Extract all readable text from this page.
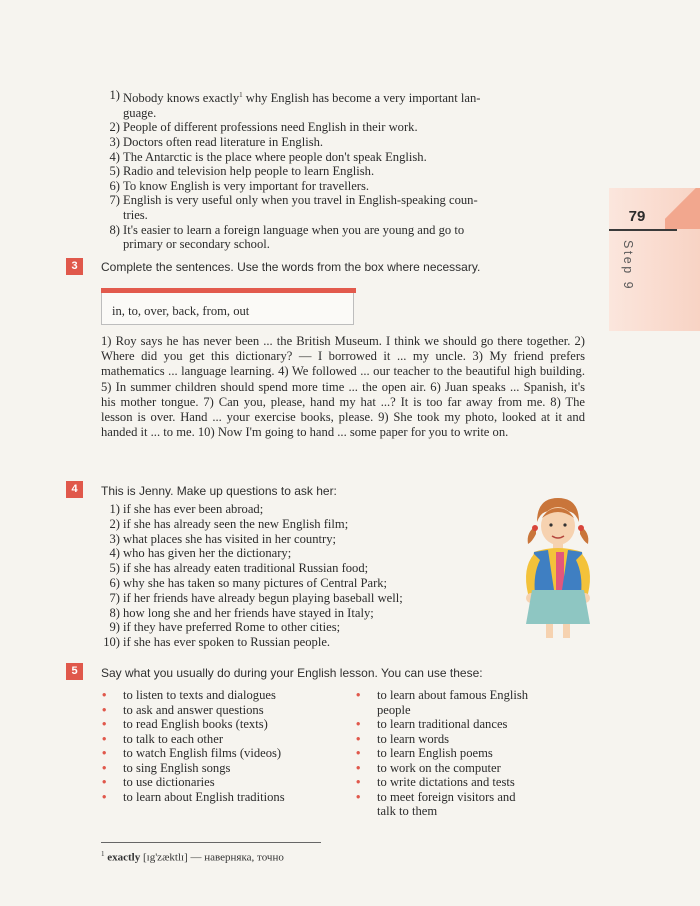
79
Step 9
1) Nobody knows exactly$^1$ why English has become a very important lan-
guage.
2) People of different professions need English in their work.
3) Doctors often read literature in English.
4) The Antarctic is the place where people don't speak English.
5) Radio and television help people to learn English.
6) To know English is very important for travellers.
7) English is very useful only when you travel in English-speaking coun-
tries.
8) It's easier to learn a foreign language when you are young and go to
primary or secondary school.
3	Complete the sentences. Use the words from the box where necessary.
in, to, over, back, from, out

1) Roy says he has never been ... the British Museum. I think we should go there together. 2) Where did you get this dictionary? — I borrowed it ... my uncle. 3) My friend prefers mathematics ... language learning. 4) We followed ... our teacher to the beautiful high building. 5) In summer children should spend more time ... the open air. 6) Juan speaks ... Spanish, it's his mother tongue. 7) Can you, please, hand my hat ...? It is too far away from me. 8) The lesson is over. Hand ... your exercise books, please. 9) She took my photo, looked at it and handed it ... to me. 10) Now I'm going to hand ... some paper for you to write on.

4	This is Jenny. Make up questions to ask her:
1) if she has ever been abroad;
2) if she has already seen the new English film;
3) what places she has visited in her country;
4) who has given her the dictionary;
5) if she has already eaten traditional Russian food;
6) why she has taken so many pictures of Central Park;
7) if her friends have already begun playing baseball well;
8) how long she and her friends have stayed in Italy;
9) if they have preferred Rome to other cities;
10) if she has ever spoken to Russian people.
5	Say what you usually do during your English lesson. You can use these:
• to listen to texts and dialogues
• to ask and answer questions
• to read English books (texts)
• to talk to each other
• to watch English films (videos)
• to sing English songs
• to use dictionaries
• to learn about English traditions
• to learn about famous English
people
• to learn traditional dances
• to learn words
• to learn English poems
• to work on the computer
• to write dictations and tests
• to meet foreign visitors and
talk to them
$^1$ exactly [ɪg'zæktlɪ] — наверняка, точно
